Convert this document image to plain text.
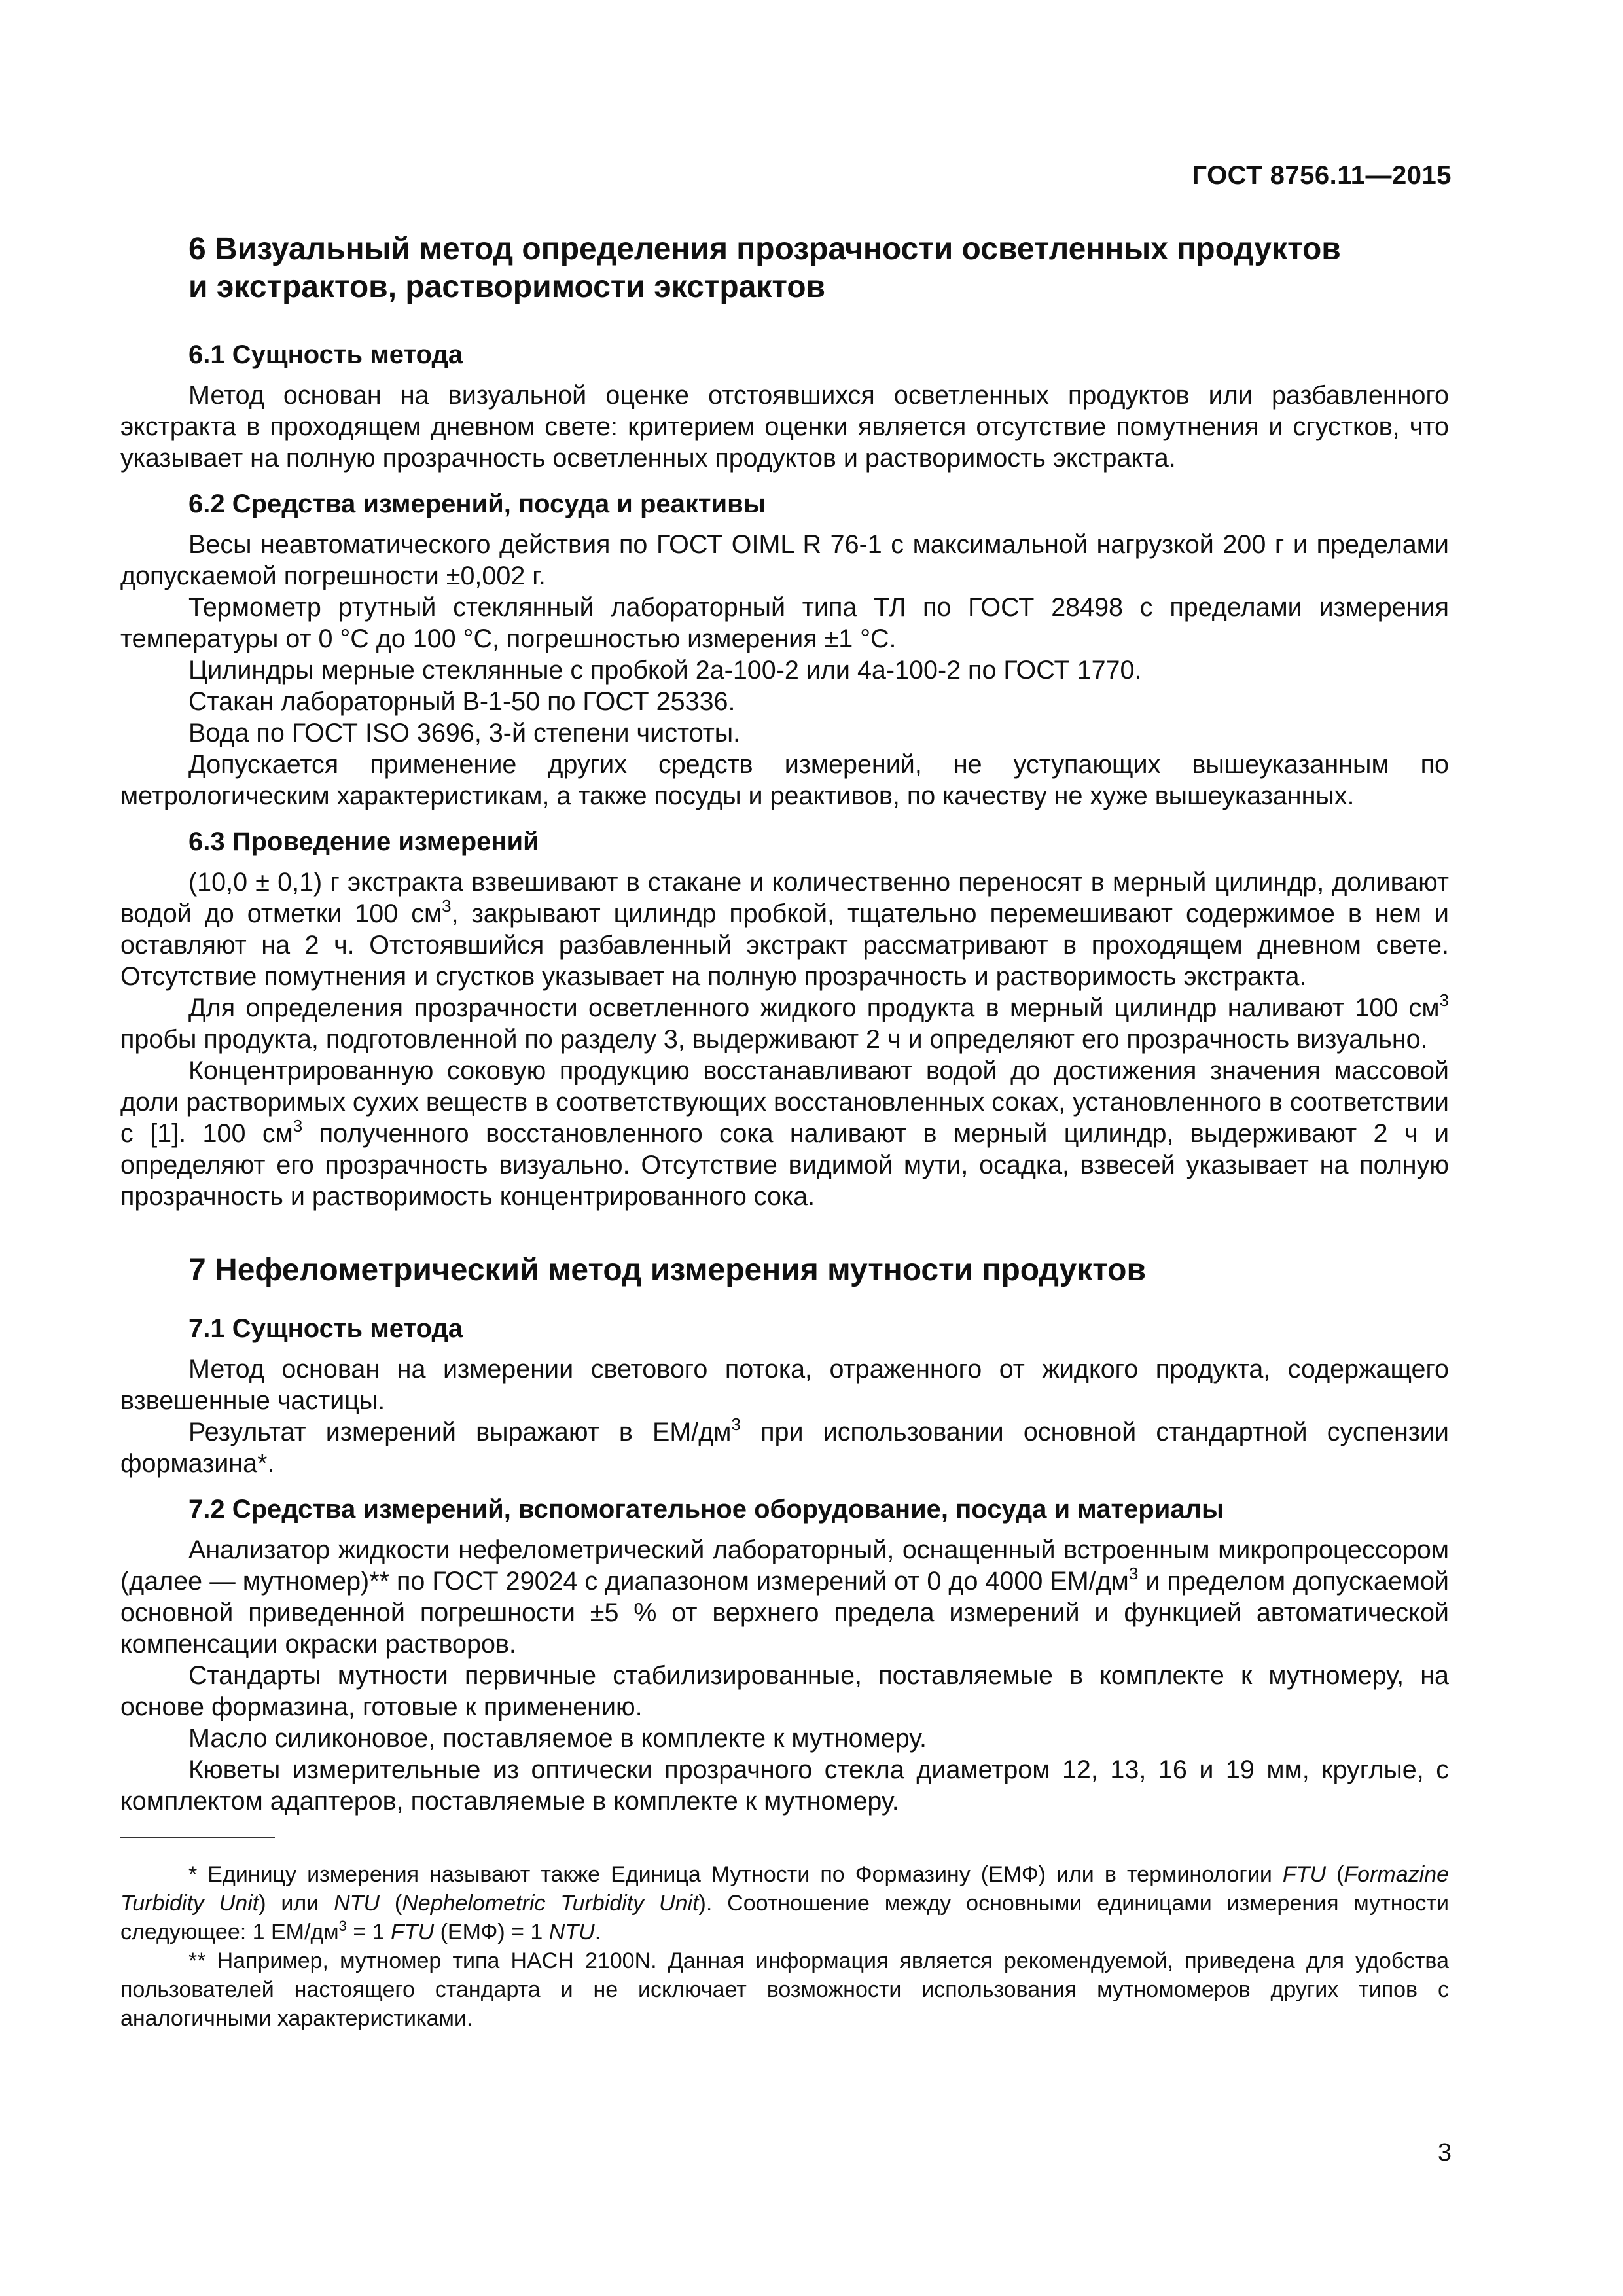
ГОСТ 8756.11—2015
6 Визуальный метод определения прозрачности осветленных продуктов
и экстрактов, растворимости экстрактов
6.1 Сущность метода

Метод основан на визуальной оценке отстоявшихся осветленных продуктов или разбавленного экстракта в проходящем дневном свете: критерием оценки является отсутствие помутнения и сгустков, что указывает на полную прозрачность осветленных продуктов и растворимость экстракта.

6.2 Средства измерений, посуда и реактивы

Весы неавтоматического действия по ГОСТ OIML R 76-1 с максимальной нагрузкой 200 г и пределами допускаемой погрешности ±0,002 г.

Термометр ртутный стеклянный лабораторный типа ТЛ по ГОСТ 28498 с пределами измерения температуры от 0 °С до 100 °С, погрешностью измерения ±1 °С.

Цилиндры мерные стеклянные с пробкой 2а-100-2 или 4а-100-2 по ГОСТ 1770.

Стакан лабораторный В-1-50 по ГОСТ 25336.

Вода по ГОСТ ISO 3696, 3-й степени чистоты.

Допускается применение других средств измерений, не уступающих вышеуказанным по метрологическим характеристикам, а также посуды и реактивов, по качеству не хуже вышеуказанных.

6.3 Проведение измерений

(10,0 ± 0,1) г экстракта взвешивают в стакане и количественно переносят в мерный цилиндр, доливают водой до отметки 100 $см^3$, закрывают цилиндр пробкой, тщательно перемешивают содержимое в нем и оставляют на 2 ч. Отстоявшийся разбавленный экстракт рассматривают в проходящем дневном свете. Отсутствие помутнения и сгустков указывает на полную прозрачность и растворимость экстракта.

Для определения прозрачности осветленного жидкого продукта в мерный цилиндр наливают 100 $см^3$ пробы продукта, подготовленной по разделу 3, выдерживают 2 ч и определяют его прозрачность визуально.

Концентрированную соковую продукцию восстанавливают водой до достижения значения массовой доли растворимых сухих веществ в соответствующих восстановленных соках, установленного в соответствии с [1]. 100 $см^3$ полученного восстановленного сока наливают в мерный цилиндр, выдерживают 2 ч и определяют его прозрачность визуально. Отсутствие видимой мути, осадка, взвесей указывает на полную прозрачность и растворимость концентрированного сока.

7 Нефелометрический метод измерения мутности продуктов
7.1 Сущность метода

Метод основан на измерении светового потока, отраженного от жидкого продукта, содержащего взвешенные частицы.

Результат измерений выражают в $ЕМ/дм^3$ при использовании основной стандартной суспензии формазина*.

7.2 Средства измерений, вспомогательное оборудование, посуда и материалы

Анализатор жидкости нефелометрический лабораторный, оснащенный встроенным микропроцессором (далее — мутномер)** по ГОСТ 29024 с диапазоном измерений от 0 до 4000 $ЕМ/дм^3$ и пределом допускаемой основной приведенной погрешности ±5 % от верхнего предела измерений и функцией автоматической компенсации окраски растворов.

Стандарты мутности первичные стабилизированные, поставляемые в комплекте к мутномеру, на основе формазина, готовые к применению.

Масло силиконовое, поставляемое в комплекте к мутномеру.

Кюветы измерительные из оптически прозрачного стекла диаметром 12, 13, 16 и 19 мм, круглые, с комплектом адаптеров, поставляемые в комплекте к мутномеру.

* Единицу измерения называют также Единица Мутности по Формазину (ЕМФ) или в терминологии FTU (Formazine Turbidity Unit) или NTU (Nephelometric Turbidity Unit). Соотношение между основными единицами измерения мутности следующее: 1 $ЕМ/дм^3 = 1$ FTU (ЕМФ) = 1 NTU.

** Например, мутномер типа HACH 2100N. Данная информация является рекомендуемой, приведена для удобства пользователей настоящего стандарта и не исключает возможности использования мутномомеров других типов с аналогичными характеристиками.

3
